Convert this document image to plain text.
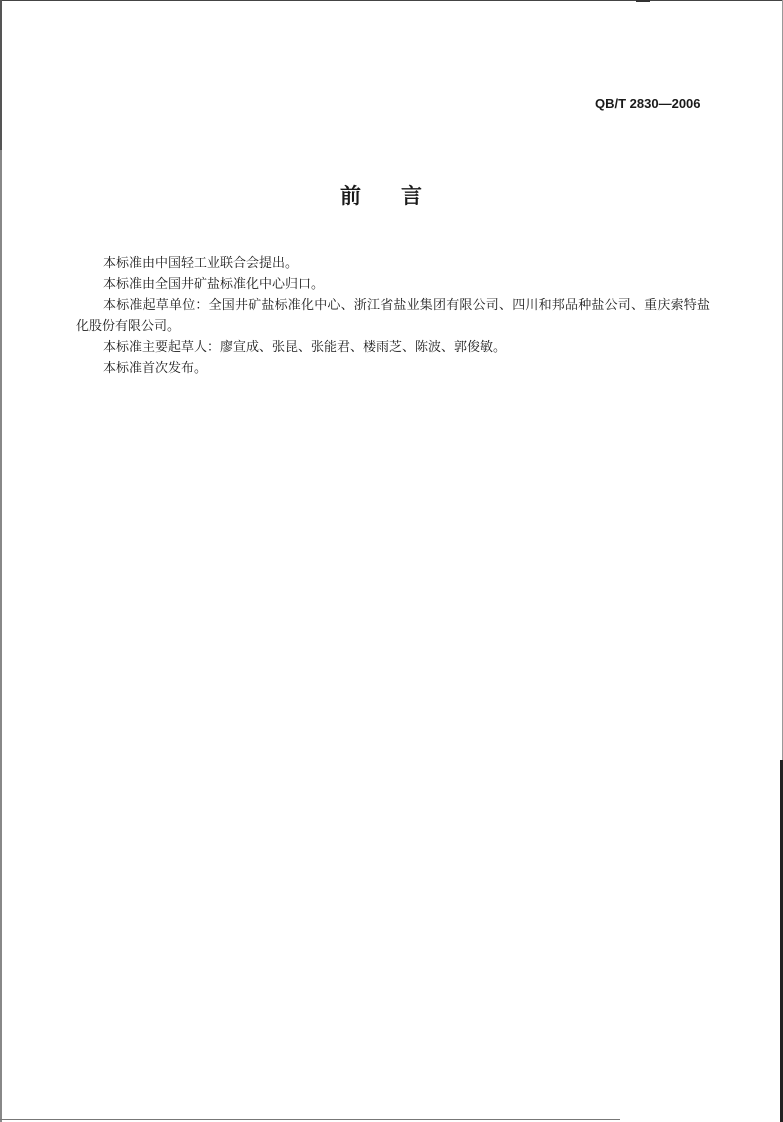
QB/T 2830—2006
前言

本标准由中国轻工业联合会提出。

本标准由全国井矿盐标准化中心归口。

本标准起草单位：全国井矿盐标准化中心、浙江省盐业集团有限公司、四川和邦品种盐公司、重庆索特盐化股份有限公司。

本标准主要起草人：廖宣成、张昆、张能君、楼雨芝、陈波、郭俊敏。

本标准首次发布。
